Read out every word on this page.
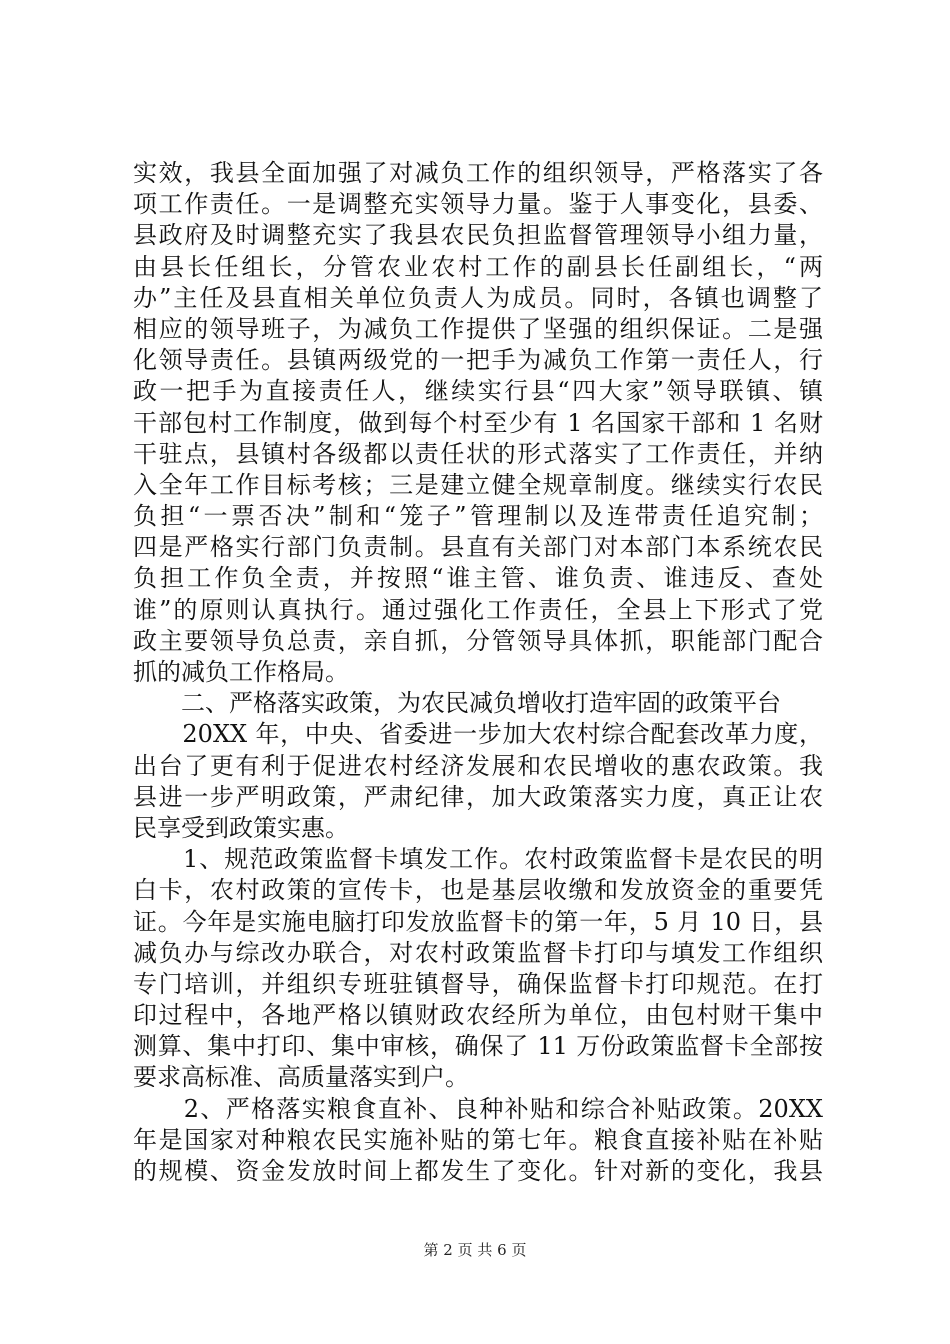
实效，我县全面加强了对减负工作的组织领导，严格落实了各
项工作责任。一是调整充实领导力量。鉴于人事变化，县委、
县政府及时调整充实了我县农民负担监督管理领导小组力量，
由县长任组长，分管农业农村工作的副县长任副组长，“两
办”主任及县直相关单位负责人为成员。同时，各镇也调整了
相应的领导班子，为减负工作提供了坚强的组织保证。二是强
化领导责任。县镇两级党的一把手为减负工作第一责任人，行
政一把手为直接责任人，继续实行县“四大家”领导联镇、镇
干部包村工作制度，做到每个村至少有 1 名国家干部和 1 名财
干驻点，县镇村各级都以责任状的形式落实了工作责任，并纳
入全年工作目标考核；三是建立健全规章制度。继续实行农民
负担“一票否决”制和“笼子”管理制以及连带责任追究制；
四是严格实行部门负责制。县直有关部门对本部门本系统农民
负担工作负全责，并按照“谁主管、谁负责、谁违反、查处
谁”的原则认真执行。通过强化工作责任，全县上下形式了党
政主要领导负总责，亲自抓，分管领导具体抓，职能部门配合
抓的减负工作格局。
　　二、严格落实政策，为农民减负增收打造牢固的政策平台
　　20XX 年，中央、省委进一步加大农村综合配套改革力度，
出台了更有利于促进农村经济发展和农民增收的惠农政策。我
县进一步严明政策，严肃纪律，加大政策落实力度，真正让农
民享受到政策实惠。
　　1、规范政策监督卡填发工作。农村政策监督卡是农民的明
白卡，农村政策的宣传卡，也是基层收缴和发放资金的重要凭
证。今年是实施电脑打印发放监督卡的第一年，5 月 10 日，县
减负办与综改办联合，对农村政策监督卡打印与填发工作组织
专门培训，并组织专班驻镇督导，确保监督卡打印规范。在打
印过程中，各地严格以镇财政农经所为单位，由包村财干集中
测算、集中打印、集中审核，确保了 11 万份政策监督卡全部按
要求高标准、高质量落实到户。
　　2、严格落实粮食直补、良种补贴和综合补贴政策。20XX
年是国家对种粮农民实施补贴的第七年。粮食直接补贴在补贴
的规模、资金发放时间上都发生了变化。针对新的变化，我县
第 2 页 共 6 页
